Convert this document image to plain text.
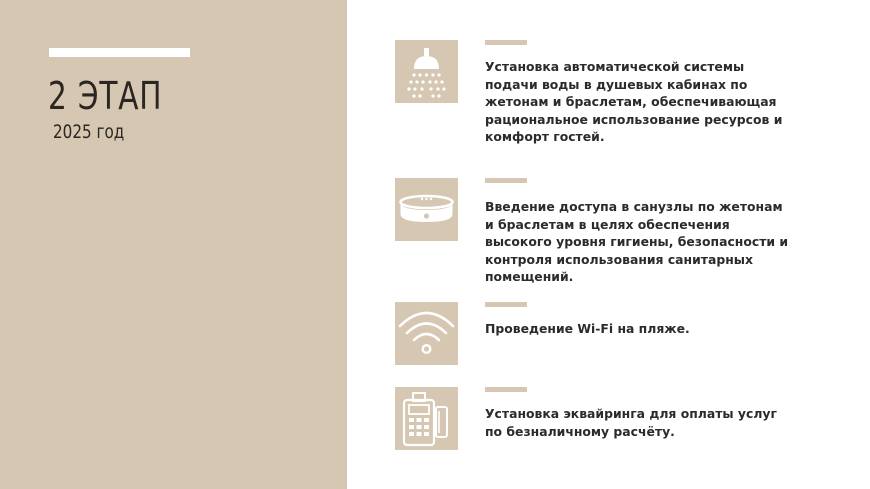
2 ЭТАП
2025 год
Установка автоматической системы подачи воды в душевых кабинах по жетонам и браслетам, обеспечивающая рациональное использование ресурсов и комфорт гостей.
Введение доступа в санузлы по жетонам и браслетам в целях обеспечения высокого уровня гигиены, безопасности и контроля использования санитарных помещений.
Проведение Wi-Fi на пляже.
Установка эквайринга для оплаты услуг по безналичному расчёту.
